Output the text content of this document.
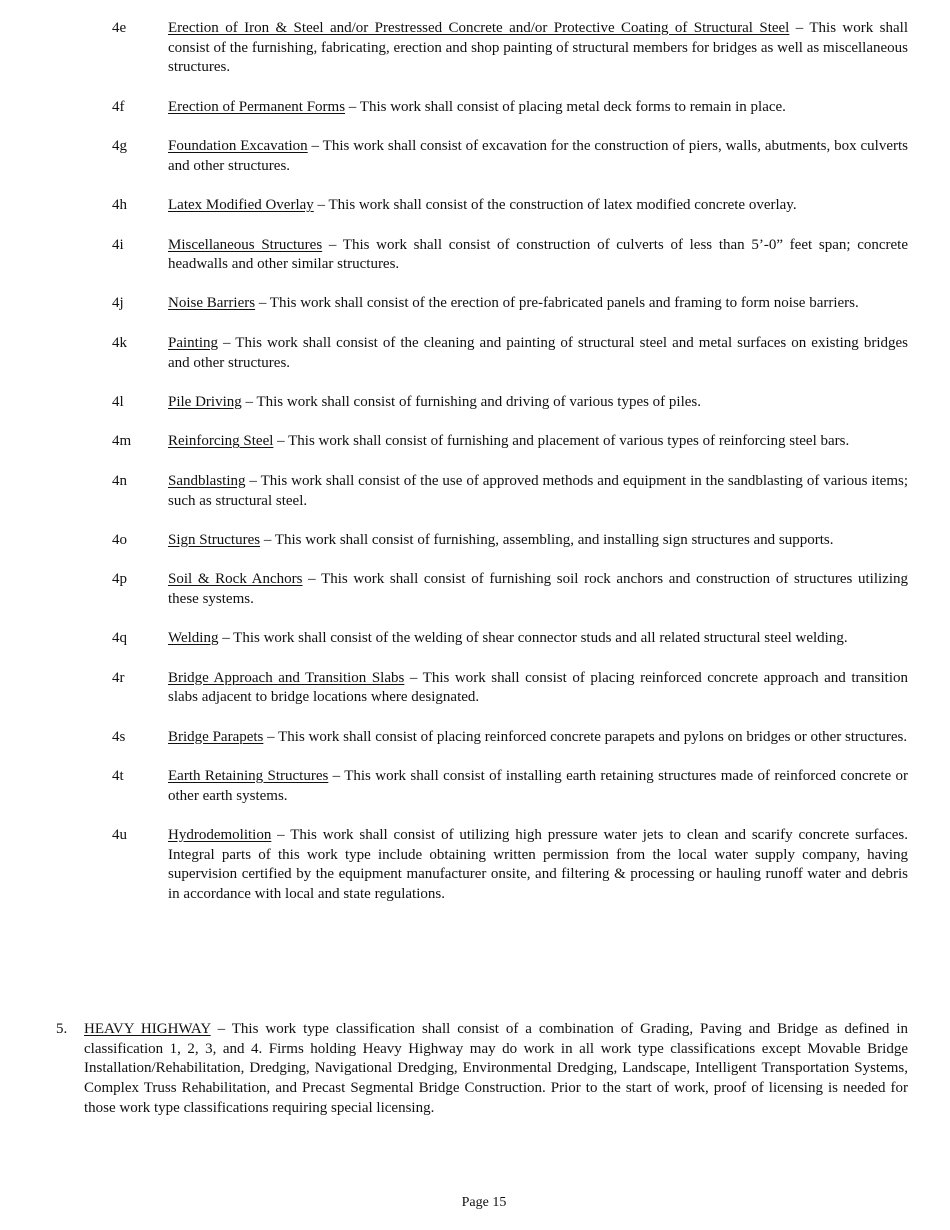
4e	Erection of Iron & Steel and/or Prestressed Concrete and/or Protective Coating of Structural Steel – This work shall consist of the furnishing, fabricating, erection and shop painting of structural members for bridges as well as miscellaneous structures.
4f	Erection of Permanent Forms – This work shall consist of placing metal deck forms to remain in place.
4g	Foundation Excavation – This work shall consist of excavation for the construction of piers, walls, abutments, box culverts and other structures.
4h	Latex Modified Overlay – This work shall consist of the construction of latex modified concrete overlay.
4i	Miscellaneous Structures – This work shall consist of construction of culverts of less than 5’-0” feet span; concrete headwalls and other similar structures.
4j	Noise Barriers – This work shall consist of the erection of pre-fabricated panels and framing to form noise barriers.
4k	Painting – This work shall consist of the cleaning and painting of structural steel and metal surfaces on existing bridges and other structures.
4l	Pile Driving – This work shall consist of furnishing and driving of various types of piles.
4m	Reinforcing Steel – This work shall consist of furnishing and placement of various types of reinforcing steel bars.
4n	Sandblasting – This work shall consist of the use of approved methods and equipment in the sandblasting of various items; such as structural steel.
4o	Sign Structures – This work shall consist of furnishing, assembling, and installing sign structures and supports.
4p	Soil & Rock Anchors – This work shall consist of furnishing soil rock anchors and construction of structures utilizing these systems.
4q	Welding – This work shall consist of the welding of shear connector studs and all related structural steel welding.
4r	Bridge Approach and Transition Slabs – This work shall consist of placing reinforced concrete approach and transition slabs adjacent to bridge locations where designated.
4s	Bridge Parapets – This work shall consist of placing reinforced concrete parapets and pylons on bridges or other structures.
4t	Earth Retaining Structures – This work shall consist of installing earth retaining structures made of reinforced concrete or other earth systems.
4u	Hydrodemolition – This work shall consist of utilizing high pressure water jets to clean and scarify concrete surfaces. Integral parts of this work type include obtaining written permission from the local water supply company, having supervision certified by the equipment manufacturer onsite, and filtering & processing or hauling runoff water and debris in accordance with local and state regulations.
5. HEAVY HIGHWAY – This work type classification shall consist of a combination of Grading, Paving and Bridge as defined in classification 1, 2, 3, and 4. Firms holding Heavy Highway may do work in all work type classifications except Movable Bridge Installation/Rehabilitation, Dredging, Navigational Dredging, Environmental Dredging, Landscape, Intelligent Transportation Systems, Complex Truss Rehabilitation, and Precast Segmental Bridge Construction. Prior to the start of work, proof of licensing is needed for those work type classifications requiring special licensing.
Page 15
